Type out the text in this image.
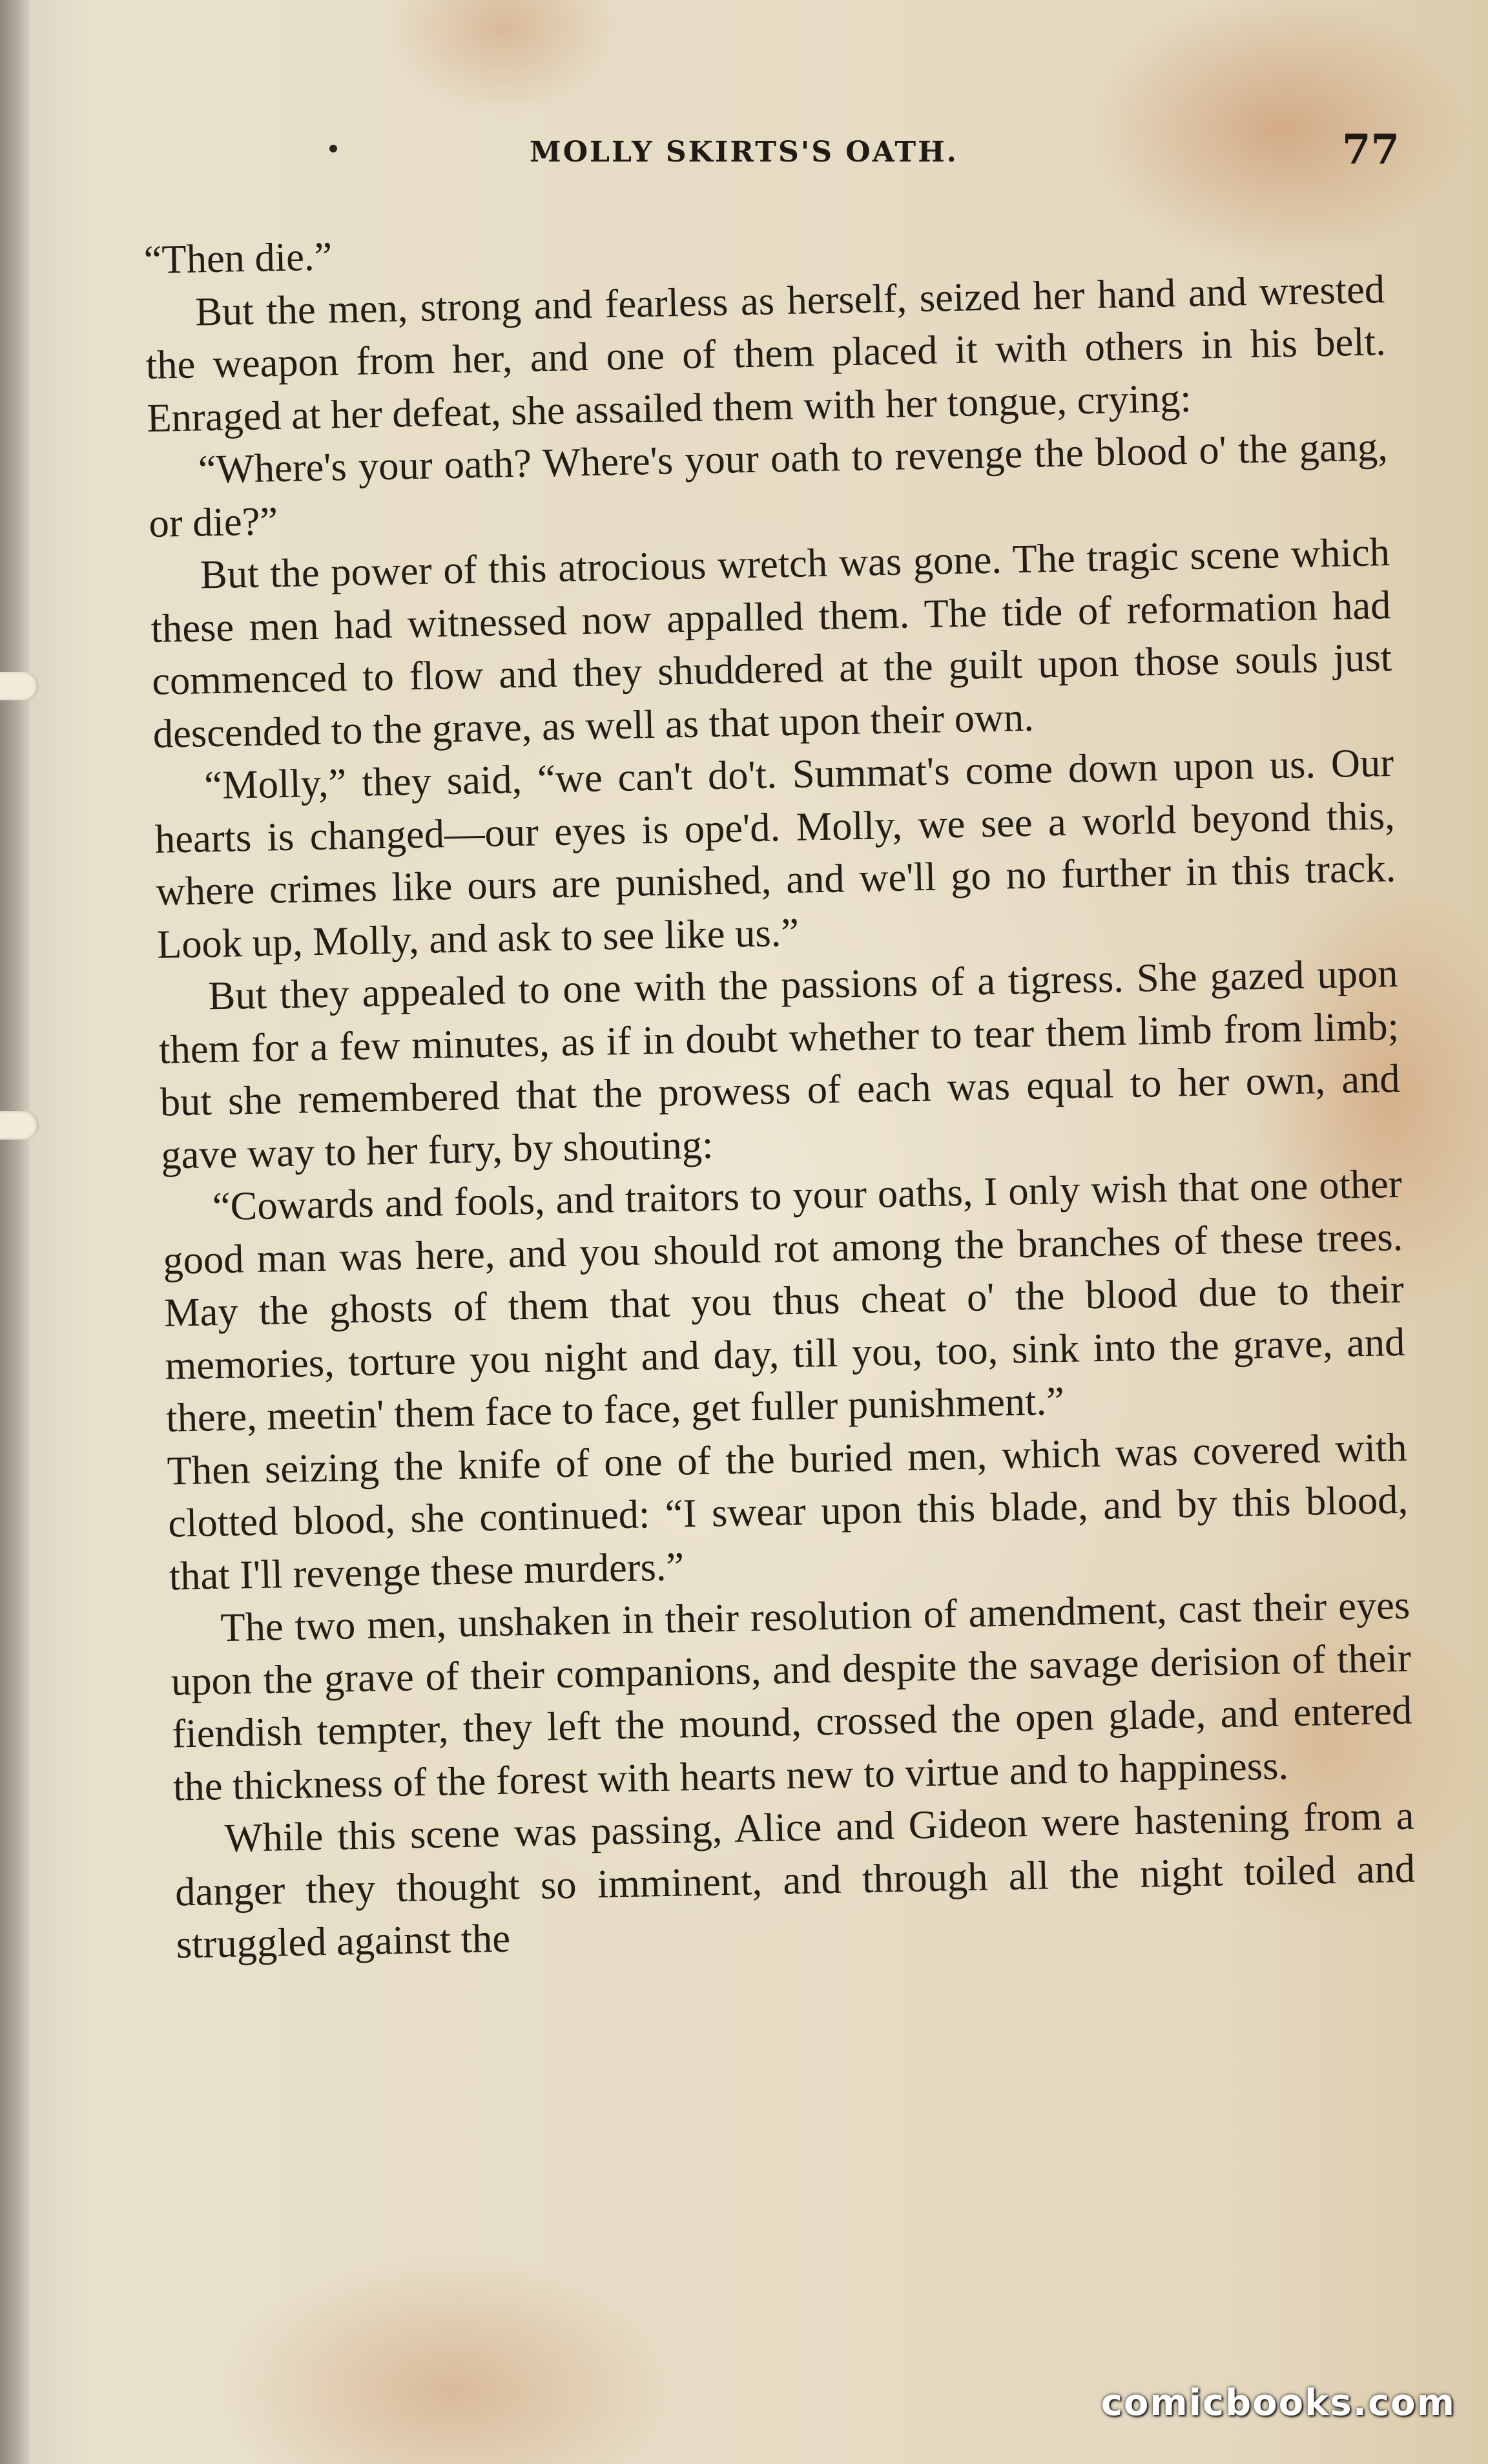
MOLLY SKIRTS'S OATH.	77

“Then die.”

But the men, strong and fearless as herself, seized her hand and wrested the weapon from her, and one of them placed it with others in his belt. Enraged at her defeat, she assailed them with her tongue, crying:

“Where's your oath? Where's your oath to revenge the blood o' the gang, or die?”

But the power of this atrocious wretch was gone. The tragic scene which these men had witnessed now appalled them. The tide of reformation had commenced to flow and they shuddered at the guilt upon those souls just descended to the grave, as well as that upon their own.

“Molly,” they said, “we can't do't. Summat's come down upon us. Our hearts is changed—our eyes is ope'd. Molly, we see a world beyond this, where crimes like ours are punished, and we'll go no further in this track. Look up, Molly, and ask to see like us.”

But they appealed to one with the passions of a tigress. She gazed upon them for a few minutes, as if in doubt whether to tear them limb from limb; but she remembered that the prowess of each was equal to her own, and gave way to her fury, by shouting:

“Cowards and fools, and traitors to your oaths, I only wish that one other good man was here, and you should rot among the branches of these trees. May the ghosts of them that you thus cheat o' the blood due to their memories, torture you night and day, till you, too, sink into the grave, and there, meetin' them face to face, get fuller punishment.”

Then seizing the knife of one of the buried men, which was covered with clotted blood, she continued: “I swear upon this blade, and by this blood, that I'll revenge these murders.”

The two men, unshaken in their resolution of amendment, cast their eyes upon the grave of their companions, and despite the savage derision of their fiendish tempter, they left the mound, crossed the open glade, and entered the thickness of the forest with hearts new to virtue and to happiness.

While this scene was passing, Alice and Gideon were hastening from a danger they thought so imminent, and through all the night toiled and struggled against the

comicbooks.com
